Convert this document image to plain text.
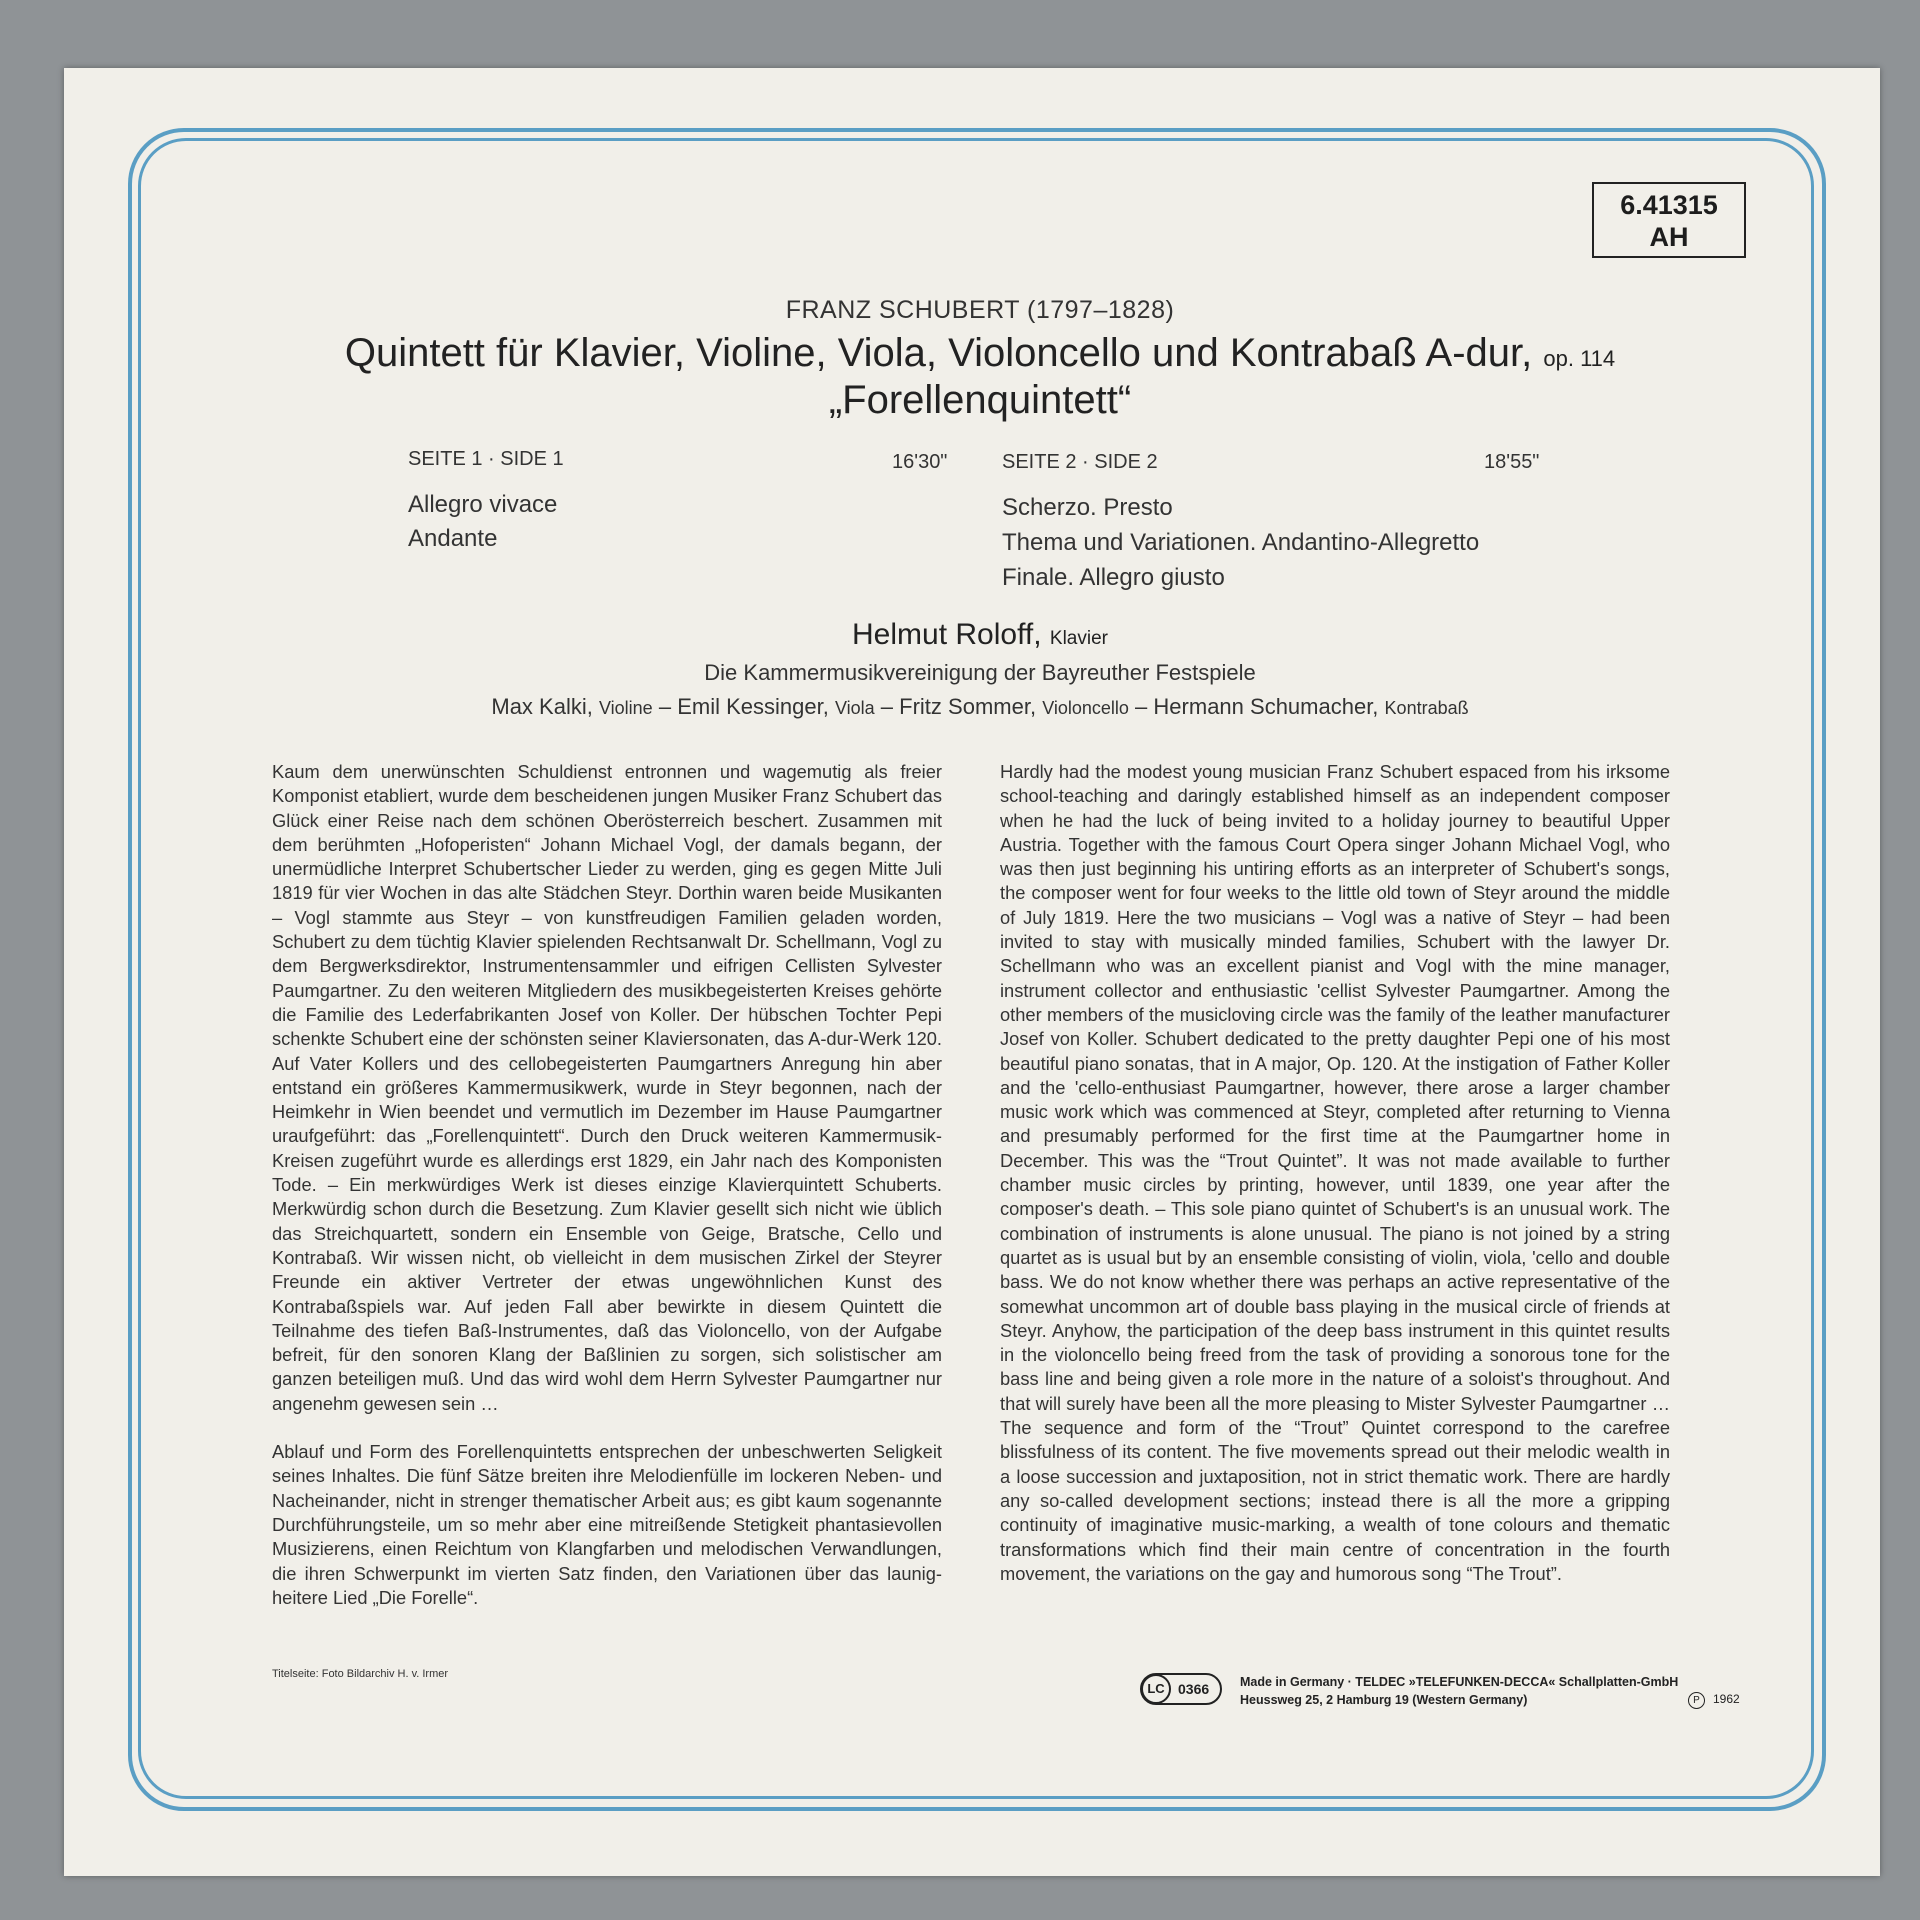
6.41315
AH
FRANZ SCHUBERT (1797–1828)
Quintett für Klavier, Violine, Viola, Violoncello und Kontrabaß A-dur, op. 114
„Forellenquintett“
SEITE 1 · SIDE 1	16'30"
Allegro vivace
Andante
SEITE 2 · SIDE 2	18'55"
Scherzo. Presto
Thema und Variationen. Andantino-Allegretto
Finale. Allegro giusto
Helmut Roloff, Klavier
Die Kammermusikvereinigung der Bayreuther Festspiele
Max Kalki, Violine – Emil Kessinger, Viola – Fritz Sommer, Violoncello – Hermann Schumacher, Kontrabaß

Kaum dem unerwünschten Schuldienst entronnen und wagemutig als freier Komponist etabliert, wurde dem bescheidenen jungen Musiker Franz Schubert das Glück einer Reise nach dem schönen Oberösterreich beschert. Zusammen mit dem berühmten „Hofoperisten“ Johann Michael Vogl, der damals begann, der unermüdliche Interpret Schubertscher Lieder zu werden, ging es gegen Mitte Juli 1819 für vier Wochen in das alte Städchen Steyr. Dorthin waren beide Musikanten – Vogl stammte aus Steyr – von kunstfreudigen Familien geladen worden, Schubert zu dem tüchtig Klavier spielenden Rechtsanwalt Dr. Schellmann, Vogl zu dem Bergwerksdirektor, Instrumentensammler und eifrigen Cellisten Sylvester Paumgartner. Zu den weiteren Mitgliedern des musikbegeisterten Kreises gehörte die Familie des Lederfabrikanten Josef von Koller. Der hübschen Tochter Pepi schenkte Schubert eine der schönsten seiner Klaviersonaten, das A-dur-Werk 120. Auf Vater Kollers und des cellobegeisterten Paumgartners Anregung hin aber entstand ein größeres Kammermusikwerk, wurde in Steyr begonnen, nach der Heimkehr in Wien beendet und vermutlich im Dezember im Hause Paumgartner uraufgeführt: das „Forellenquintett“. Durch den Druck weiteren Kammermusik-Kreisen zugeführt wurde es allerdings erst 1829, ein Jahr nach des Komponisten Tode. – Ein merkwürdiges Werk ist dieses einzige Klavierquintett Schuberts. Merkwürdig schon durch die Besetzung. Zum Klavier gesellt sich nicht wie üblich das Streichquartett, sondern ein Ensemble von Geige, Bratsche, Cello und Kontrabaß. Wir wissen nicht, ob vielleicht in dem musischen Zirkel der Steyrer Freunde ein aktiver Vertreter der etwas ungewöhnlichen Kunst des Kontrabaßspiels war. Auf jeden Fall aber bewirkte in diesem Quintett die Teilnahme des tiefen Baß-Instrumentes, daß das Violoncello, von der Aufgabe befreit, für den sonoren Klang der Baßlinien zu sorgen, sich solistischer am ganzen beteiligen muß. Und das wird wohl dem Herrn Sylvester Paumgartner nur angenehm gewesen sein …

Ablauf und Form des Forellenquintetts entsprechen der unbeschwerten Seligkeit seines Inhaltes. Die fünf Sätze breiten ihre Melodienfülle im lockeren Neben- und Nacheinander, nicht in strenger thematischer Arbeit aus; es gibt kaum sogenannte Durchführungsteile, um so mehr aber eine mitreißende Stetigkeit phantasievollen Musizierens, einen Reichtum von Klangfarben und melodischen Verwandlungen, die ihren Schwerpunkt im vierten Satz finden, den Variationen über das launig-heitere Lied „Die Forelle“.

Hardly had the modest young musician Franz Schubert espaced from his irksome school-teaching and daringly established himself as an independent composer when he had the luck of being invited to a holiday journey to beautiful Upper Austria. Together with the famous Court Opera singer Johann Michael Vogl, who was then just beginning his untiring efforts as an interpreter of Schubert's songs, the composer went for four weeks to the little old town of Steyr around the middle of July 1819. Here the two musicians – Vogl was a native of Steyr – had been invited to stay with musically minded families, Schubert with the lawyer Dr. Schellmann who was an excellent pianist and Vogl with the mine manager, instrument collector and enthusiastic 'cellist Sylvester Paumgartner. Among the other members of the musicloving circle was the family of the leather manufacturer Josef von Koller. Schubert dedicated to the pretty daughter Pepi one of his most beautiful piano sonatas, that in A major, Op. 120. At the instigation of Father Koller and the 'cello-enthusiast Paumgartner, however, there arose a larger chamber music work which was commenced at Steyr, completed after returning to Vienna and presumably performed for the first time at the Paumgartner home in December. This was the “Trout Quintet”. It was not made available to further chamber music circles by printing, however, until 1839, one year after the composer's death. – This sole piano quintet of Schubert's is an unusual work. The combination of instruments is alone unusual. The piano is not joined by a string quartet as is usual but by an ensemble consisting of violin, viola, 'cello and double bass. We do not know whether there was perhaps an active representative of the somewhat uncommon art of double bass playing in the musical circle of friends at Steyr. Anyhow, the participation of the deep bass instrument in this quintet results in the violoncello being freed from the task of providing a sonorous tone for the bass line and being given a role more in the nature of a soloist's throughout. And that will surely have been all the more pleasing to Mister Sylvester Paumgartner … The sequence and form of the “Trout” Quintet correspond to the carefree blissfulness of its content. The five movements spread out their melodic wealth in a loose succession and juxtaposition, not in strict thematic work. There are hardly any so-called development sections; instead there is all the more a gripping continuity of imaginative music-marking, a wealth of tone colours and thematic transformations which find their main centre of concentration in the fourth movement, the variations on the gay and humorous song “The Trout”.

Titelseite: Foto Bildarchiv H. v. Irmer
LC 0366 Made in Germany · TELDEC »TELEFUNKEN-DECCA« Schallplatten-GmbH
Heussweg 25, 2 Hamburg 19 (Western Germany)	P 1962
